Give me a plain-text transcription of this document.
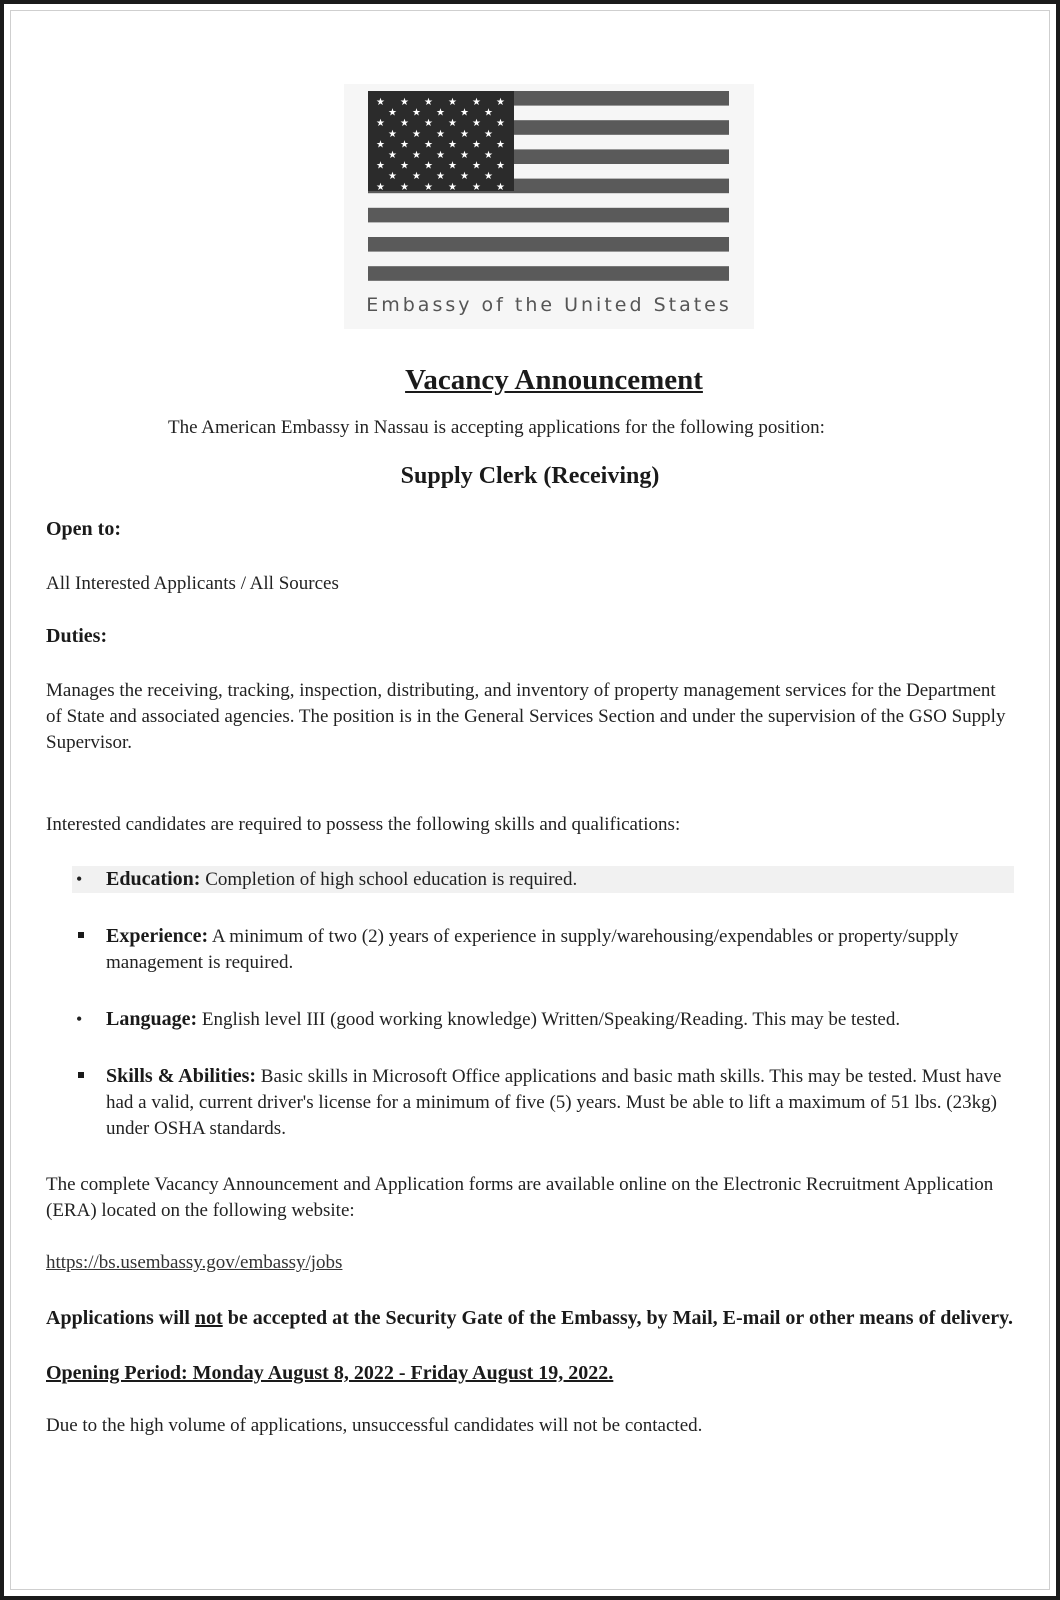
★ ★ ★ ★ ★ ★
★ ★ ★ ★ ★
★ ★ ★ ★ ★ ★
★ ★ ★ ★ ★
★ ★ ★ ★ ★ ★
★ ★ ★ ★ ★
★ ★ ★ ★ ★ ★
★ ★ ★ ★ ★
★ ★ ★ ★ ★ ★
Embassy of the United States
Vacancy Announcement
The American Embassy in Nassau is accepting applications for the following position:
Supply Clerk (Receiving)
Open to:
All Interested Applicants / All Sources
Duties:
Manages the receiving, tracking, inspection, distributing, and inventory of property management services for the Department of State and associated agencies. The position is in the General Services Section and under the supervision of the GSO Supply Supervisor.
Interested candidates are required to possess the following skills and qualifications:
• Education: Completion of high school education is required.
Experience: A minimum of two (2) years of experience in supply/warehousing/expendables or property/supply management is required.
• Language: English level III (good working knowledge) Written/Speaking/Reading. This may be tested.
Skills & Abilities: Basic skills in Microsoft Office applications and basic math skills. This may be tested. Must have had a valid, current driver's license for a minimum of five (5) years. Must be able to lift a maximum of 51 lbs. (23kg) under OSHA standards.
The complete Vacancy Announcement and Application forms are available online on the Electronic Recruitment Application (ERA) located on the following website:
https://bs.usembassy.gov/embassy/jobs
Applications will not be accepted at the Security Gate of the Embassy, by Mail, E-mail or other means of delivery.
Opening Period: Monday August 8, 2022 - Friday August 19, 2022.
Due to the high volume of applications, unsuccessful candidates will not be contacted.
